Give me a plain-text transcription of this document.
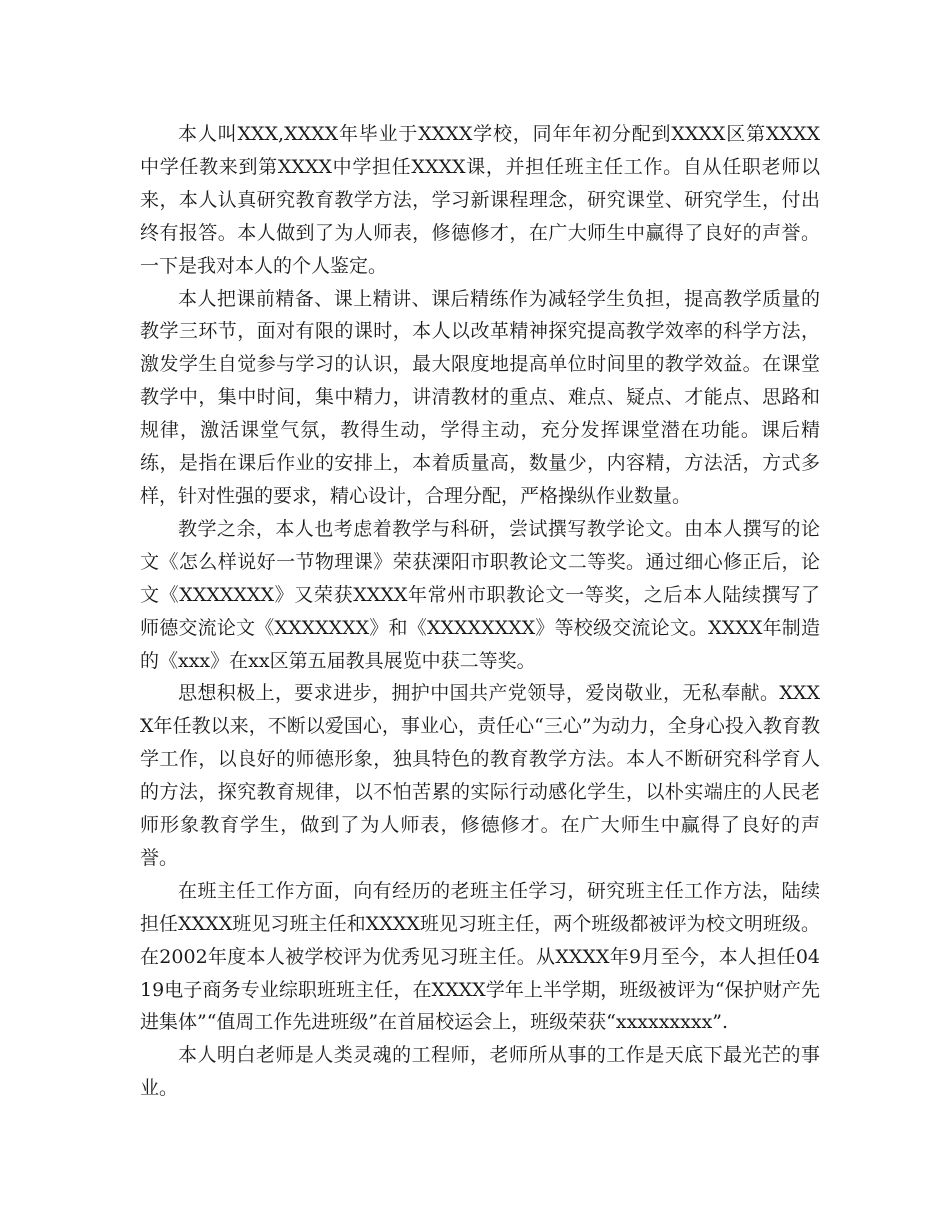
本人叫XXX,XXXX年毕业于XXXX学校，同年年初分配到XXXX区第XXXX中学任教来到第XXXX中学担任XXXX课，并担任班主任工作。自从任职老师以来，本人认真研究教育教学方法，学习新课程理念，研究课堂、研究学生，付出终有报答。本人做到了为人师表，修德修才，在广大师生中赢得了良好的声誉。一下是我对本人的个人鉴定。

本人把课前精备、课上精讲、课后精练作为减轻学生负担，提高教学质量的教学三环节，面对有限的课时，本人以改革精神探究提高教学效率的科学方法，激发学生自觉参与学习的认识，最大限度地提高单位时间里的教学效益。在课堂教学中，集中时间，集中精力，讲清教材的重点、难点、疑点、才能点、思路和规律，激活课堂气氛，教得生动，学得主动，充分发挥课堂潜在功能。课后精练，是指在课后作业的安排上，本着质量高，数量少，内容精，方法活，方式多样，针对性强的要求，精心设计，合理分配，严格操纵作业数量。

教学之余，本人也考虑着教学与科研，尝试撰写教学论文。由本人撰写的论文《怎么样说好一节物理课》荣获溧阳市职教论文二等奖。通过细心修正后，论文《XXXXXXX》又荣获XXXX年常州市职教论文一等奖，之后本人陆续撰写了师德交流论文《XXXXXXX》和《XXXXXXXX》等校级交流论文。XXXX年制造的《xxx》在xx区第五届教具展览中获二等奖。

思想积极上，要求进步，拥护中国共产党领导，爱岗敬业，无私奉献。XXXX年任教以来，不断以爱国心，事业心，责任心“三心”为动力，全身心投入教育教学工作，以良好的师德形象，独具特色的教育教学方法。本人不断研究科学育人的方法，探究教育规律，以不怕苦累的实际行动感化学生，以朴实端庄的人民老师形象教育学生，做到了为人师表，修德修才。在广大师生中赢得了良好的声誉。

在班主任工作方面，向有经历的老班主任学习，研究班主任工作方法，陆续担任XXXX班见习班主任和XXXX班见习班主任，两个班级都被评为校文明班级。在2002年度本人被学校评为优秀见习班主任。从XXXX年9月至今，本人担任0419电子商务专业综职班班主任，在XXXX学年上半学期，班级被评为“保护财产先进集体”“值周工作先进班级”在首届校运会上，班级荣获“xxxxxxxxx”.

本人明白老师是人类灵魂的工程师，老师所从事的工作是天底下最光芒的事业。
